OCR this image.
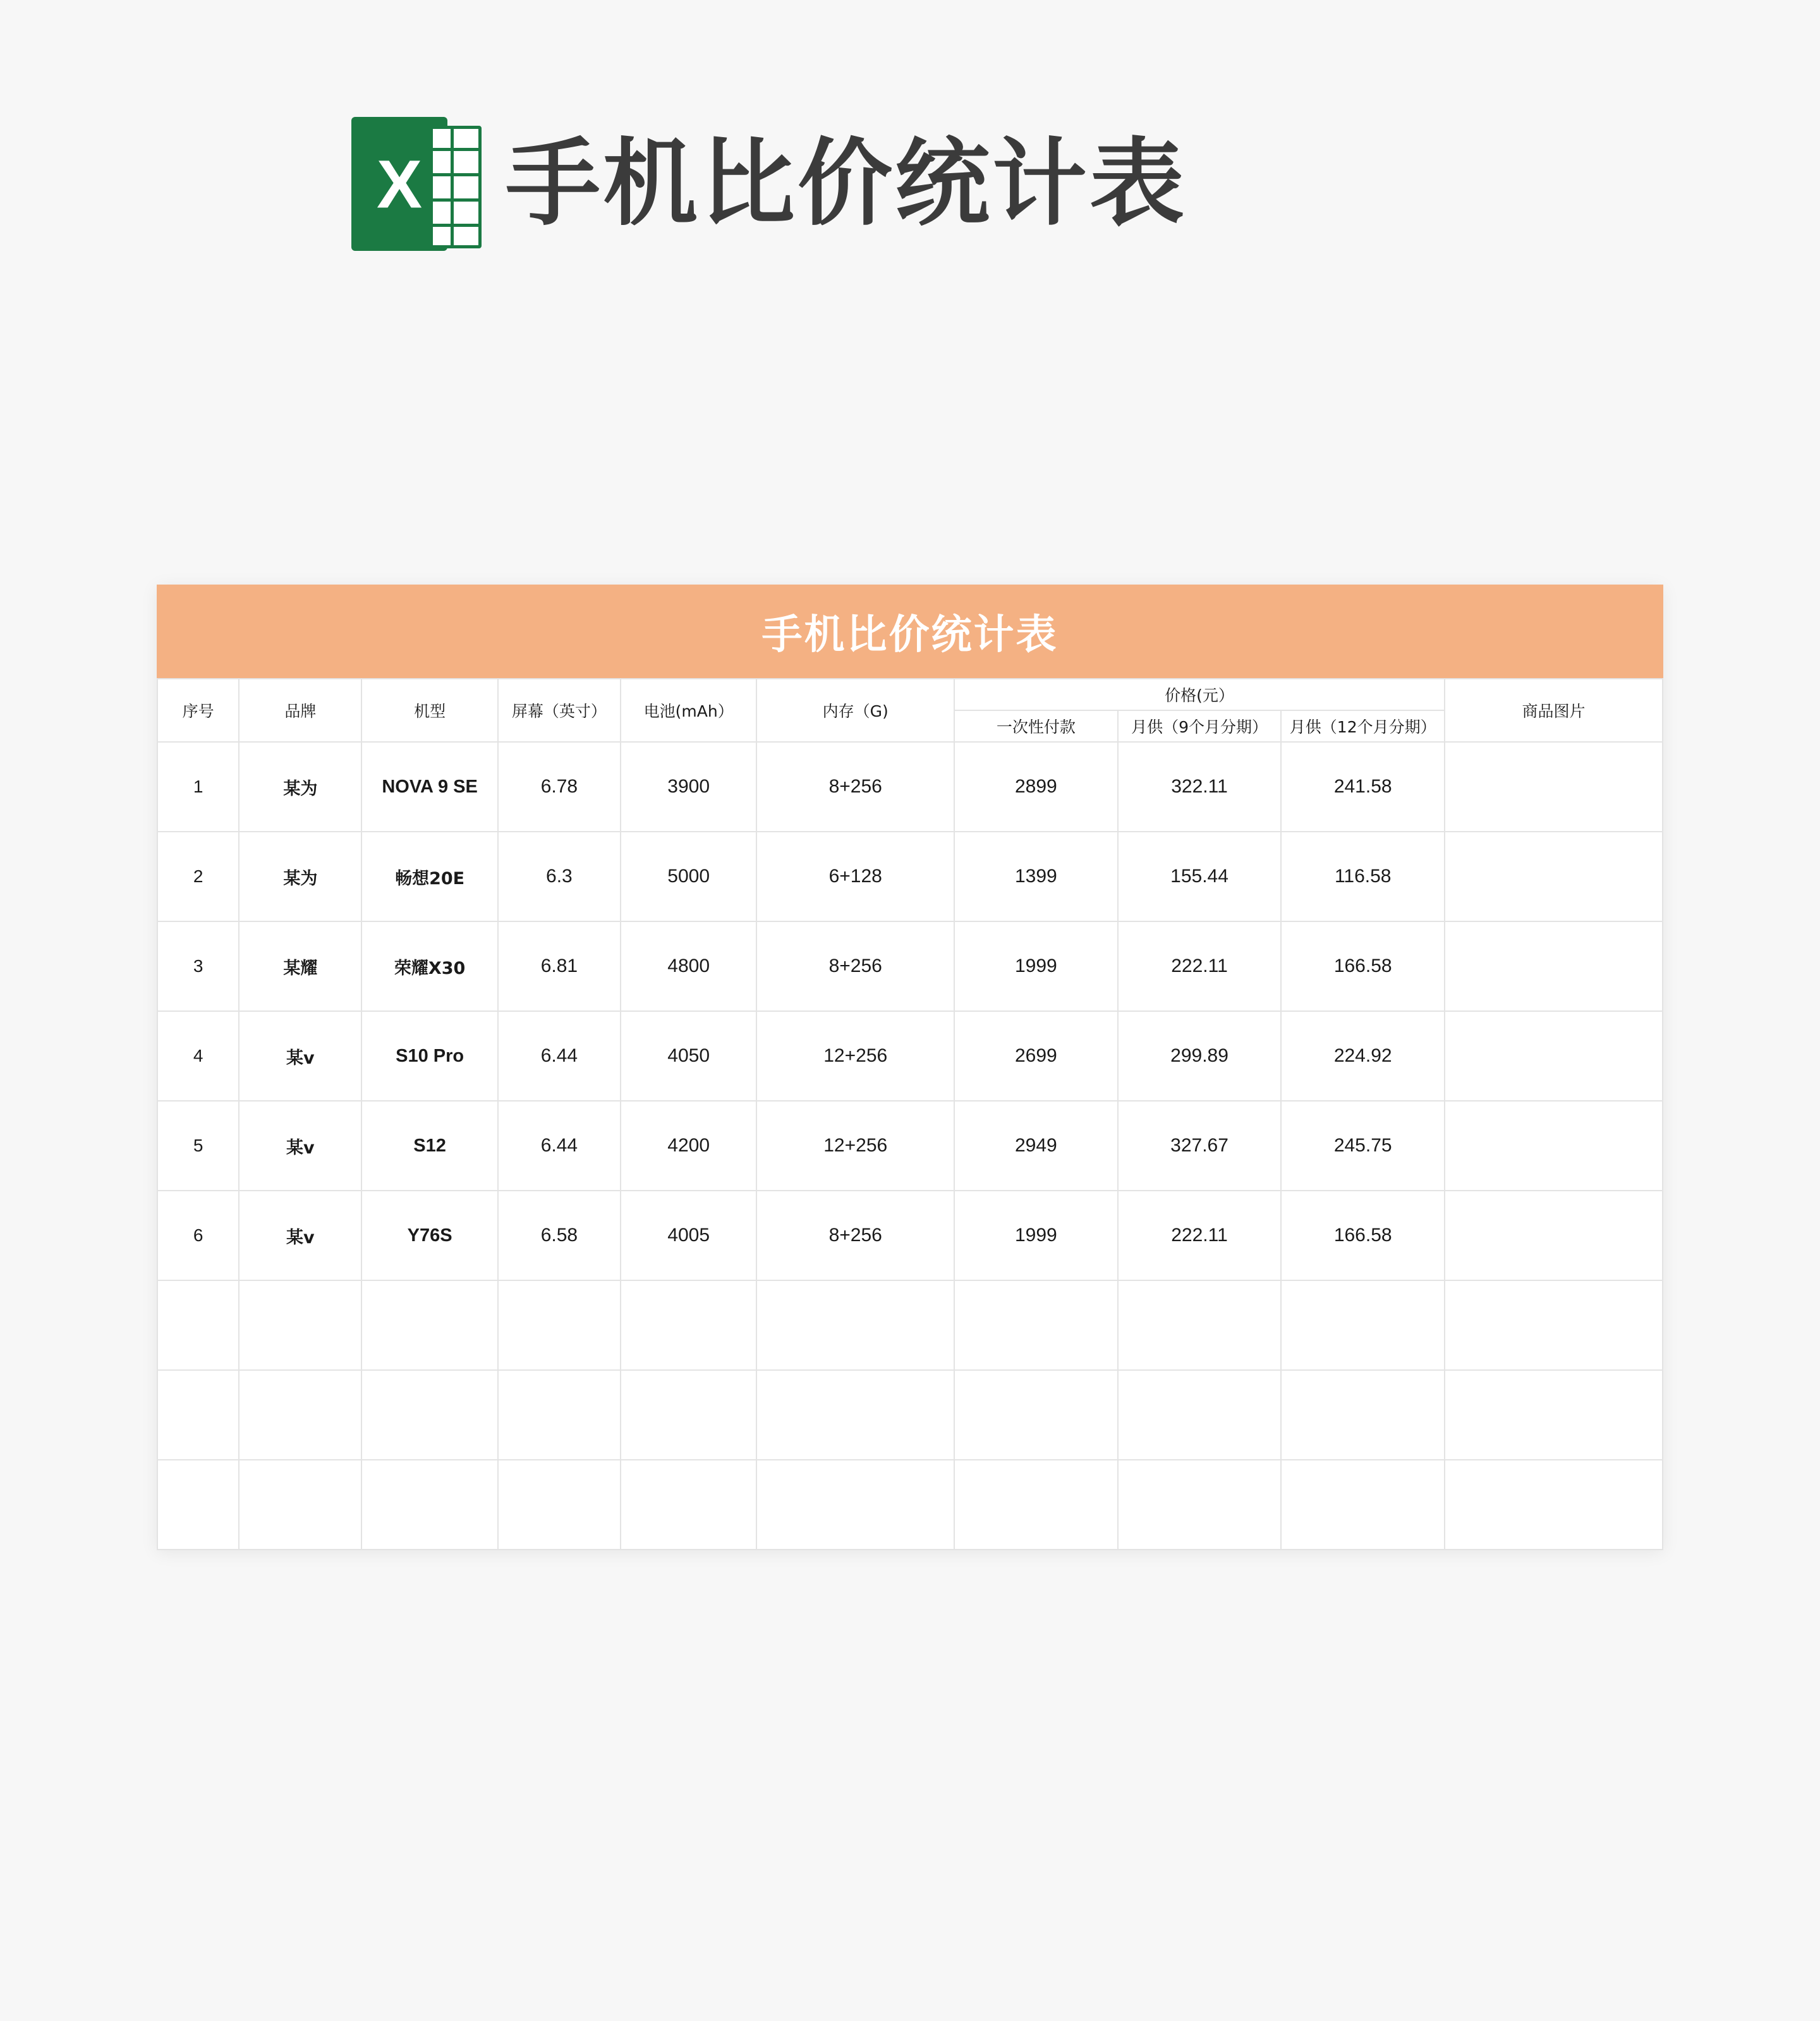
X 手机比价统计表
手机比价统计表
序号	品牌	机型	屏幕（英寸）	电池(mAh）	内存（G)	价格(元）			商品图片
						一次性付款	月供（9个月分期）	月供（12个月分期）	
1	某为	NOVA 9 SE	6.78	3900	8+256	2899	322.11	241.58	
2	某为	畅想20E	6.3	5000	6+128	1399	155.44	116.58	
3	某耀	荣耀X30	6.81	4800	8+256	1999	222.11	166.58	
4	某v	S10 Pro	6.44	4050	12+256	2699	299.89	224.92	
5	某v	S12	6.44	4200	12+256	2949	327.67	245.75	
6	某v	Y76S	6.58	4005	8+256	1999	222.11	166.58	
